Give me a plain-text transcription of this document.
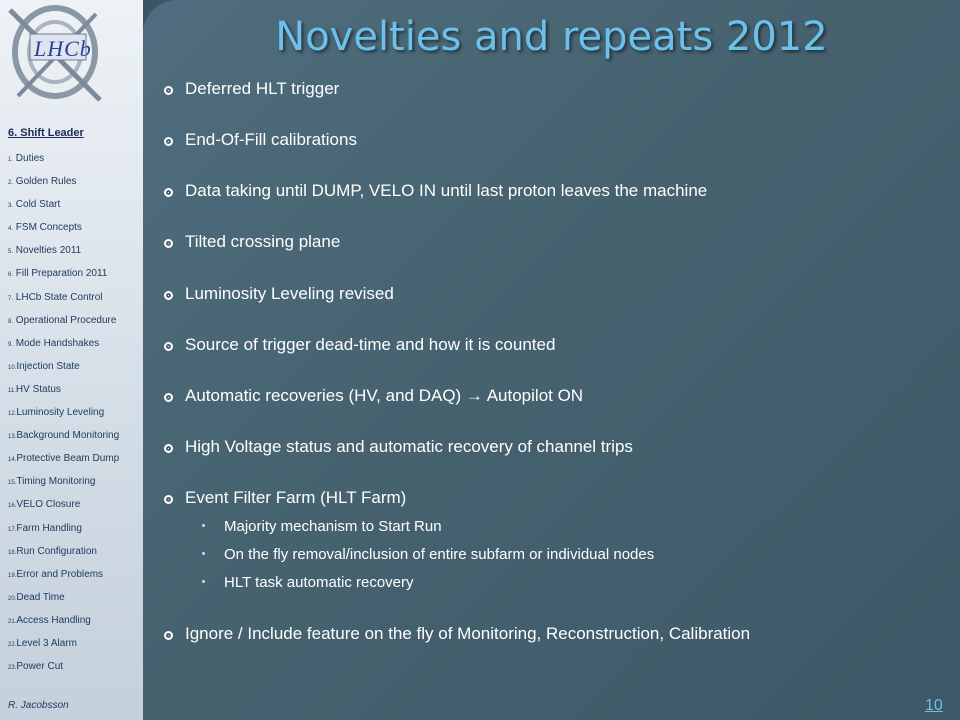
LHCb
6. Shift Leader
1. Duties
2. Golden Rules
3. Cold Start
4. FSM Concepts
5. Novelties 2011
6. Fill Preparation 2011
7. LHCb State Control
8. Operational Procedure
9. Mode Handshakes
10.Injection State
11.HV Status
12.Luminosity Leveling
13.Background Monitoring
14.Protective Beam Dump
15.Timing Monitoring
16.VELO Closure
17.Farm Handling
18.Run Configuration
19.Error and Problems
20.Dead Time
21.Access Handling
22.Level 3 Alarm
23.Power Cut
R. Jacobsson
Novelties and repeats 2012
Deferred HLT trigger
End-Of-Fill calibrations
Data taking until DUMP, VELO IN until last proton leaves the machine
Tilted crossing plane
Luminosity Leveling revised
Source of trigger dead-time and how it is counted
Automatic recoveries (HV, and DAQ) → Autopilot ON
High Voltage status and automatic recovery of channel trips
Event Filter Farm (HLT Farm)
Majority mechanism to Start Run
On the fly removal/inclusion of entire subfarm or individual nodes
HLT task automatic recovery
Ignore / Include feature on the fly of Monitoring, Reconstruction, Calibration
10
